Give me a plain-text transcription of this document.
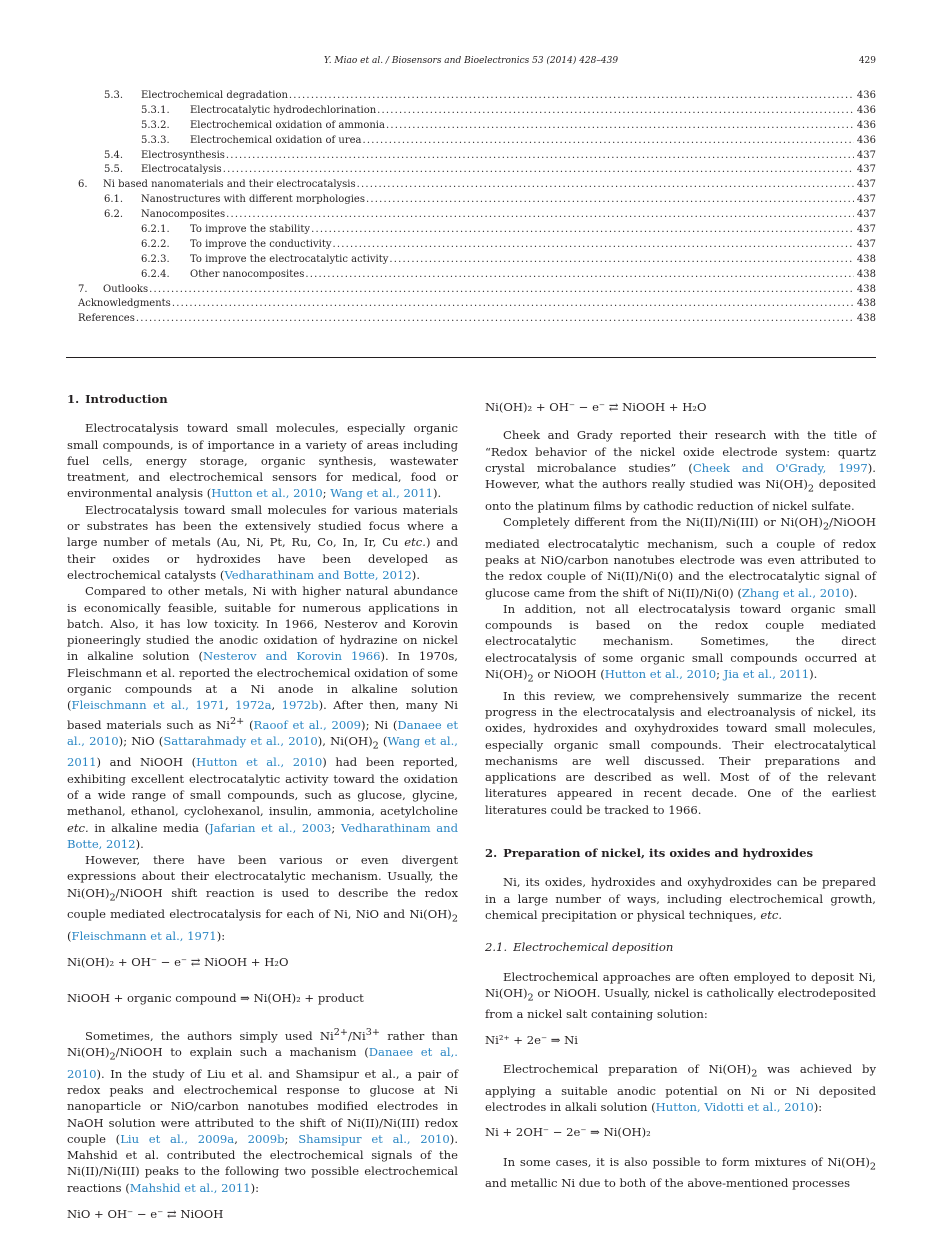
Y. Miao et al. / Biosensors and Bioelectronics 53 (2014) 428–439	429
5.3.	Electrochemical degradation .....	436
5.3.1.	Electrocatalytic hydrodechlorination .....	436
5.3.2.	Electrochemical oxidation of ammonia .....	436
5.3.3.	Electrochemical oxidation of urea .....	436
5.4.	Electrosynthesis .....	437
5.5.	Electrocatalysis .....	437
6.	Ni based nanomaterials and their electrocatalysis .....	437
6.1.	Nanostructures with different morphologies .....	437
6.2.	Nanocomposites .....	437
6.2.1.	To improve the stability .....	437
6.2.2.	To improve the conductivity .....	437
6.2.3.	To improve the electrocatalytic activity .....	438
6.2.4.	Other nanocomposites .....	438
7.	Outlooks .....	438
Acknowledgments .....	438
References .....	438
1. Introduction

Electrocatalysis toward small molecules, especially organic small compounds, is of importance in a variety of areas including fuel cells, energy storage, organic synthesis, wastewater treatment, and electrochemical sensors for medical, food or environmental analysis (Hutton et al., 2010; Wang et al., 2011).

Electrocatalysis toward small molecules for various materials or substrates has been the extensively studied focus where a large number of metals (Au, Ni, Pt, Ru, Co, In, Ir, Cu etc.) and their oxides or hydroxides have been developed as electrochemical catalysts (Vedharathinam and Botte, 2012).

Compared to other metals, Ni with higher natural abundance is economically feasible, suitable for numerous applications in batch. Also, it has low toxicity. In 1966, Nesterov and Korovin pioneeringly studied the anodic oxidation of hydrazine on nickel in alkaline solution (Nesterov and Korovin 1966). In 1970s, Fleischmann et al. reported the electrochemical oxidation of some organic compounds at a Ni anode in alkaline solution (Fleischmann et al., 1971, 1972a, 1972b). After then, many Ni based materials such as $Ni^{2+}$ (Raoof et al., 2009); Ni (Danaee et al., 2010); NiO (Sattarahmady et al., 2010), $Ni(OH)_2$ (Wang et al., 2011) and NiOOH (Hutton et al., 2010) had been reported, exhibiting excellent electrocatalytic activity toward the oxidation of a wide range of small compounds, such as glucose, glycine, methanol, ethanol, cyclohexanol, insulin, ammonia, acetylcholine etc. in alkaline media (Jafarian et al., 2003; Vedharathinam and Botte, 2012).

However, there have been various or even divergent expressions about their electrocatalytic mechanism. Usually, the $Ni(OH)_2$/NiOOH shift reaction is used to describe the redox couple mediated electrocatalysis for each of Ni, NiO and $Ni(OH)_2$ (Fleischmann et al., 1971):

Ni(OH)₂ + OH⁻ − e⁻ ⇄ NiOOH + H₂O
NiOOH + organic compound ⇒ Ni(OH)₂ + product

Sometimes, the authors simply used $Ni^{2+}/Ni^{3+}$ rather than $Ni(OH)_2$/NiOOH to explain such a machanism (Danaee et al,. 2010). In the study of Liu et al. and Shamsipur et al., a pair of redox peaks and electrochemical response to glucose at Ni nanoparticle or NiO/carbon nanotubes modified electrodes in NaOH solution were attributed to the shift of Ni(II)/Ni(III) redox couple (Liu et al., 2009a, 2009b; Shamsipur et al., 2010). Mahshid et al. contributed the electrochemical signals of the Ni(II)/Ni(III) peaks to the following two possible electrochemical reactions (Mahshid et al., 2011):

NiO + OH⁻ − e⁻ ⇄ NiOOH
Ni(OH)₂ + OH⁻ − e⁻ ⇄ NiOOH + H₂O

Cheek and Grady reported their research with the title of “Redox behavior of the nickel oxide electrode system: quartz crystal microbalance studies” (Cheek and O'Grady, 1997). However, what the authors really studied was $Ni(OH)_2$ deposited onto the platinum films by cathodic reduction of nickel sulfate.

Completely different from the Ni(II)/Ni(III) or $Ni(OH)_2$/NiOOH mediated electrocatalytic mechanism, such a couple of redox peaks at NiO/carbon nanotubes electrode was even attributed to the redox couple of Ni(II)/Ni(0) and the electrocatalytic signal of glucose came from the shift of Ni(II)/Ni(0) (Zhang et al., 2010).

In addition, not all electrocatalysis toward organic small compounds is based on the redox couple mediated electrocatalytic mechanism. Sometimes, the direct electrocatalysis of some organic small compounds occurred at $Ni(OH)_2$ or NiOOH (Hutton et al., 2010; Jia et al., 2011).

In this review, we comprehensively summarize the recent progress in the electrocatalysis and electroanalysis of nickel, its oxides, hydroxides and oxyhydroxides toward small molecules, especially organic small compounds. Their electrocatalytical mechanisms are well discussed. Their preparations and applications are described as well. Most of of the relevant literatures appeared in recent decade. One of the earliest literatures could be tracked to 1966.

2. Preparation of nickel, its oxides and hydroxides

Ni, its oxides, hydroxides and oxyhydroxides can be prepared in a large number of ways, including electrochemical growth, chemical precipitation or physical techniques, etc.

2.1. Electrochemical deposition

Electrochemical approaches are often employed to deposit Ni, $Ni(OH)_2$ or NiOOH. Usually, nickel is catholically electrodeposited from a nickel salt containing solution:

Ni²⁺ + 2e⁻ ⇒ Ni

Electrochemical preparation of $Ni(OH)_2$ was achieved by applying a suitable anodic potential on Ni or Ni deposited electrodes in alkali solution (Hutton, Vidotti et al., 2010):

Ni + 2OH⁻ − 2e⁻ ⇒ Ni(OH)₂

In some cases, it is also possible to form mixtures of $Ni(OH)_2$ and metallic Ni due to both of the above-mentioned processes
